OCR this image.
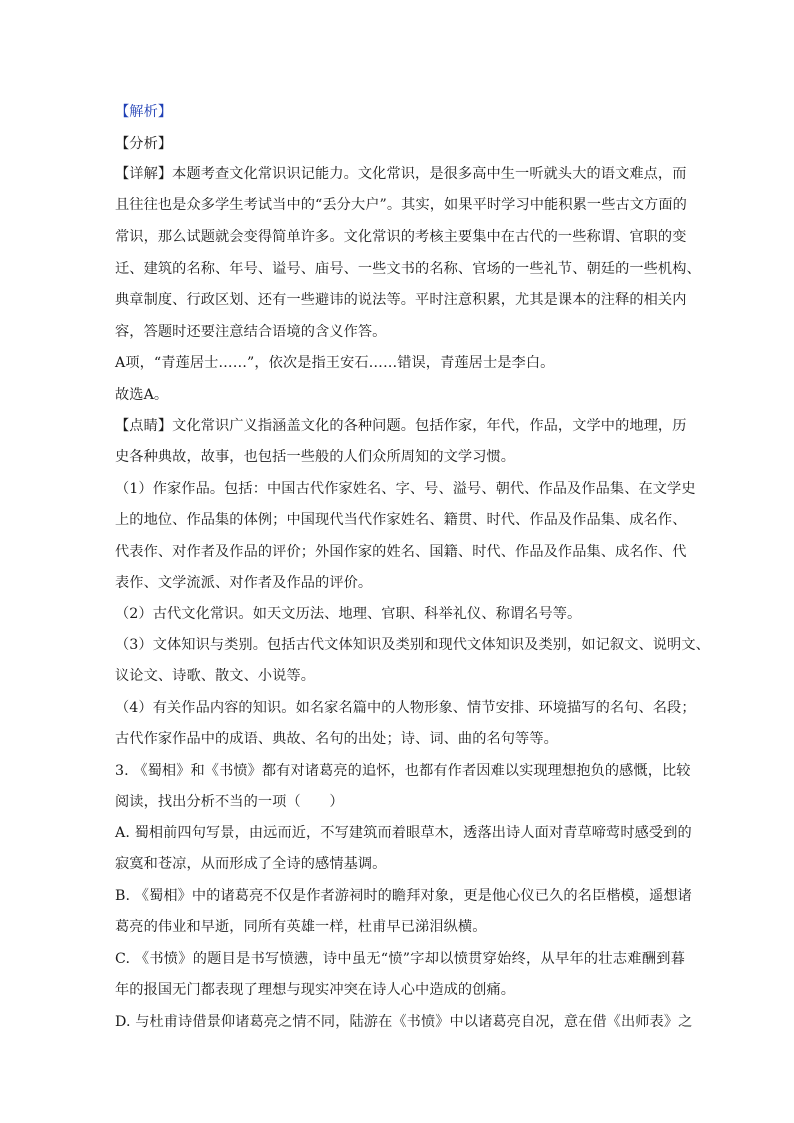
【解析】
【分析】
【详解】本题考查文化常识识记能力。文化常识，是很多高中生一听就头大的语文难点，而
且往往也是众多学生考试当中的“丢分大户”。其实，如果平时学习中能积累一些古文方面的
常识，那么试题就会变得简单许多。文化常识的考核主要集中在古代的一些称谓、官职的变
迁、建筑的名称、年号、谥号、庙号、一些文书的名称、官场的一些礼节、朝廷的一些机构、
典章制度、行政区划、还有一些避讳的说法等。平时注意积累，尤其是课本的注释的相关内
容，答题时还要注意结合语境的含义作答。
A项，“青莲居士……”，依次是指王安石……错误，青莲居士是李白。
故选A。
【点睛】文化常识广义指涵盖文化的各种问题。包括作家，年代，作品，文学中的地理，历
史各种典故，故事，也包括一些般的人们众所周知的文学习惯。
（1）作家作品。包括：中国古代作家姓名、字、号、溢号、朝代、作品及作品集、在文学史
上的地位、作品集的体例；中国现代当代作家姓名、籍贯、时代、作品及作品集、成名作、
代表作、对作者及作品的评价；外国作家的姓名、国籍、时代、作品及作品集、成名作、代
表作、文学流派、对作者及作品的评价。
（2）古代文化常识。如天文历法、地理、官职、科举礼仪、称谓名号等。
（3）文体知识与类别。包括古代文体知识及类别和现代文体知识及类别，如记叙文、说明文、
议论文、诗歌、散文、小说等。
（4）有关作品内容的知识。如名家名篇中的人物形象、情节安排、环境描写的名句、名段；
古代作家作品中的成语、典故、名句的出处；诗、词、曲的名句等等。
3. 《蜀相》和《书愤》都有对诸葛亮的追怀，也都有作者因难以实现理想抱负的感慨，比较
阅读，找出分析不当的一项（　　）
A. 蜀相前四句写景，由远而近，不写建筑而着眼草木，透落出诗人面对青草啼莺时感受到的
寂寞和苍凉，从而形成了全诗的感情基调。
B. 《蜀相》中的诸葛亮不仅是作者游祠时的瞻拜对象，更是他心仪已久的名臣楷模，遥想诸
葛亮的伟业和早逝，同所有英雄一样，杜甫早已涕泪纵横。
C. 《书愤》的题目是书写愤懑，诗中虽无“愤”字却以愤贯穿始终，从早年的壮志难酬到暮
年的报国无门都表现了理想与现实冲突在诗人心中造成的创痛。
D. 与杜甫诗借景仰诸葛亮之情不同，陆游在《书愤》中以诸葛亮自况，意在借《出师表》之
